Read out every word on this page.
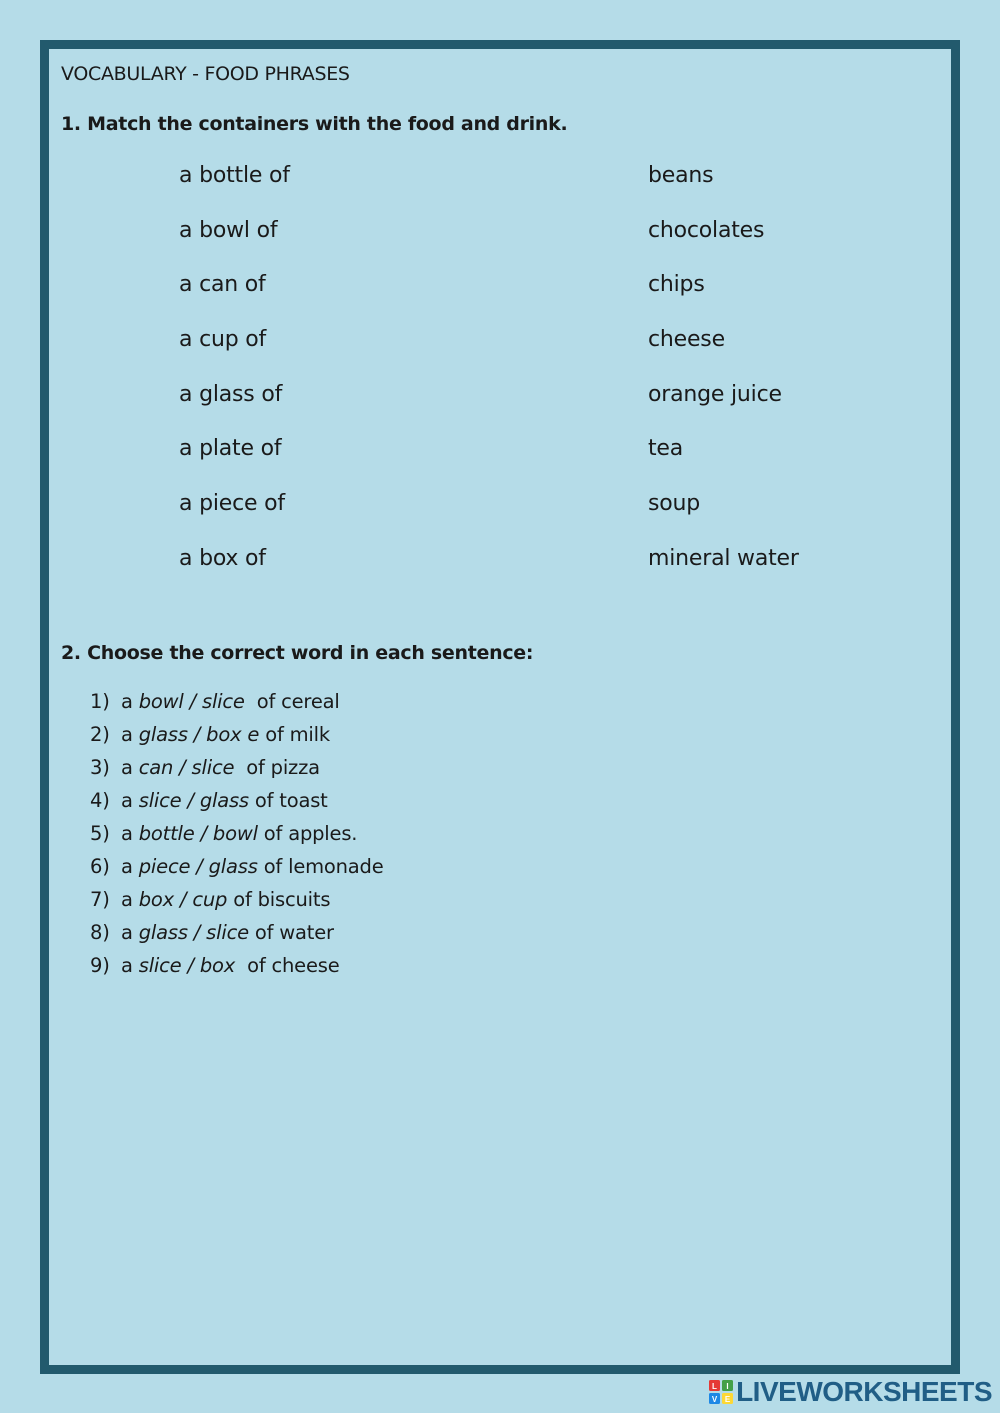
VOCABULARY - FOOD PHRASES
1. Match the containers with the food and drink.
a bottle of
a bowl of
a can of
a cup of
a glass of
a plate of
a piece of
a box of
beans
chocolates
chips
cheese
orange juice
tea
soup
mineral water
2. Choose the correct word in each sentence:
1) a bowl / slice  of cereal
2) a glass / box e of milk
3) a can / slice  of pizza
4) a slice / glass of toast
5) a bottle / bowl of apples.
6) a piece / glass of lemonade
7) a box / cup of biscuits
8) a glass / slice of water
9) a slice / box  of cheese
L I
V E LIVEWORKSHEETS
